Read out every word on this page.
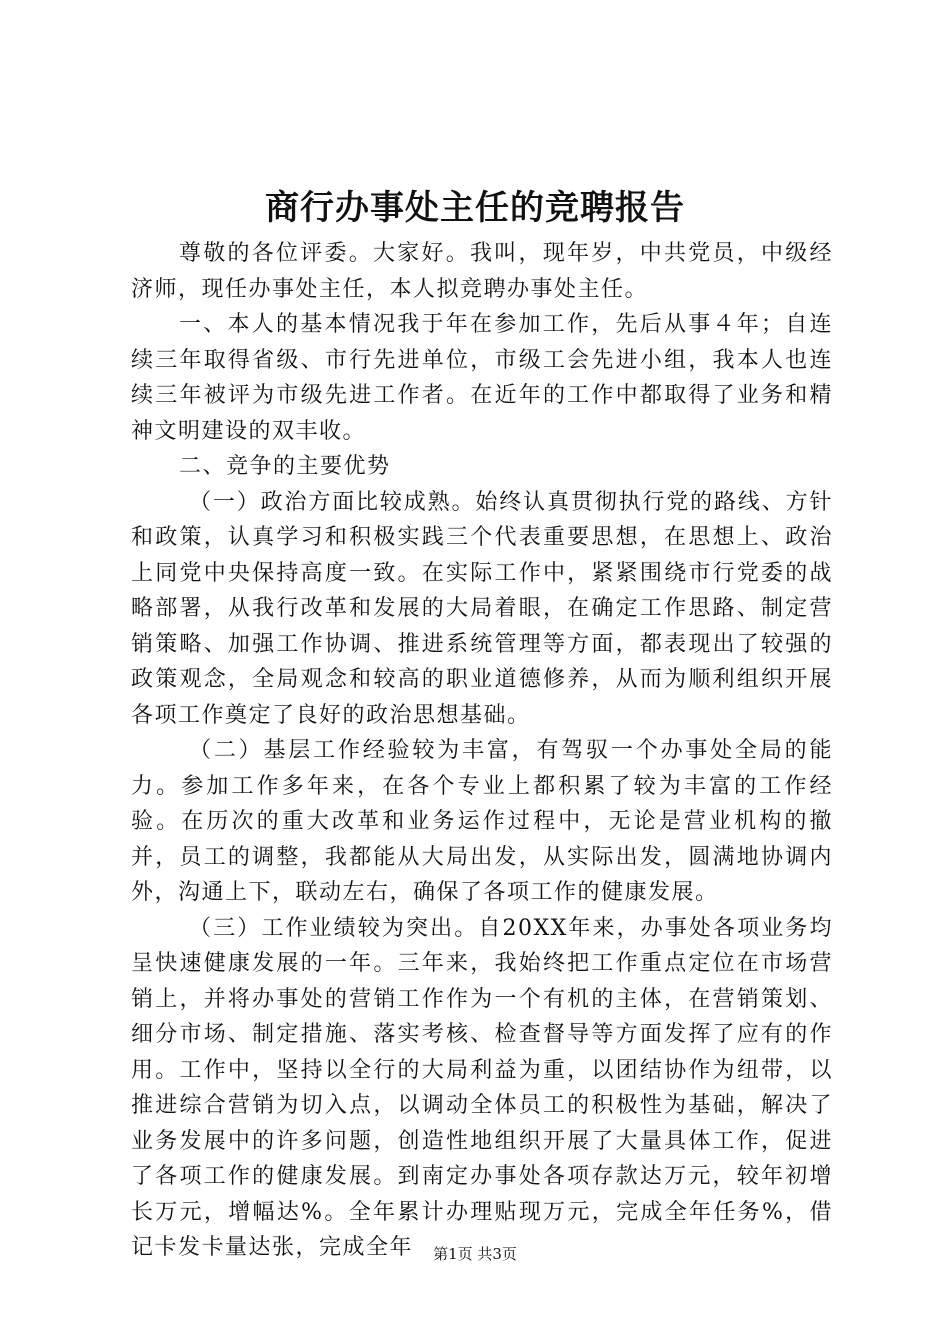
商行办事处主任的竞聘报告

尊敬的各位评委。大家好。我叫，现年岁，中共党员，中级经济师，现任办事处主任，本人拟竞聘办事处主任。

一、本人的基本情况我于年在参加工作，先后从事４年；自连续三年取得省级、市行先进单位，市级工会先进小组，我本人也连续三年被评为市级先进工作者。在近年的工作中都取得了业务和精神文明建设的双丰收。

二、竞争的主要优势

（一）政治方面比较成熟。始终认真贯彻执行党的路线、方针和政策，认真学习和积极实践三个代表重要思想，在思想上、政治上同党中央保持高度一致。在实际工作中，紧紧围绕市行党委的战略部署，从我行改革和发展的大局着眼，在确定工作思路、制定营销策略、加强工作协调、推进系统管理等方面，都表现出了较强的政策观念，全局观念和较高的职业道德修养，从而为顺利组织开展各项工作奠定了良好的政治思想基础。

（二）基层工作经验较为丰富，有驾驭一个办事处全局的能力。参加工作多年来，在各个专业上都积累了较为丰富的工作经验。在历次的重大改革和业务运作过程中，无论是营业机构的撤并，员工的调整，我都能从大局出发，从实际出发，圆满地协调内外，沟通上下，联动左右，确保了各项工作的健康发展。

（三）工作业绩较为突出。自20XX年来，办事处各项业务均呈快速健康发展的一年。三年来，我始终把工作重点定位在市场营销上，并将办事处的营销工作作为一个有机的主体，在营销策划、细分市场、制定措施、落实考核、检查督导等方面发挥了应有的作用。工作中，坚持以全行的大局利益为重，以团结协作为纽带，以推进综合营销为切入点，以调动全体员工的积极性为基础，解决了业务发展中的许多问题，创造性地组织开展了大量具体工作，促进了各项工作的健康发展。到南定办事处各项存款达万元，较年初增长万元，增幅达%。全年累计办理贴现万元，完成全年任务%，借记卡发卡量达张，完成全年	第1页 共3页
